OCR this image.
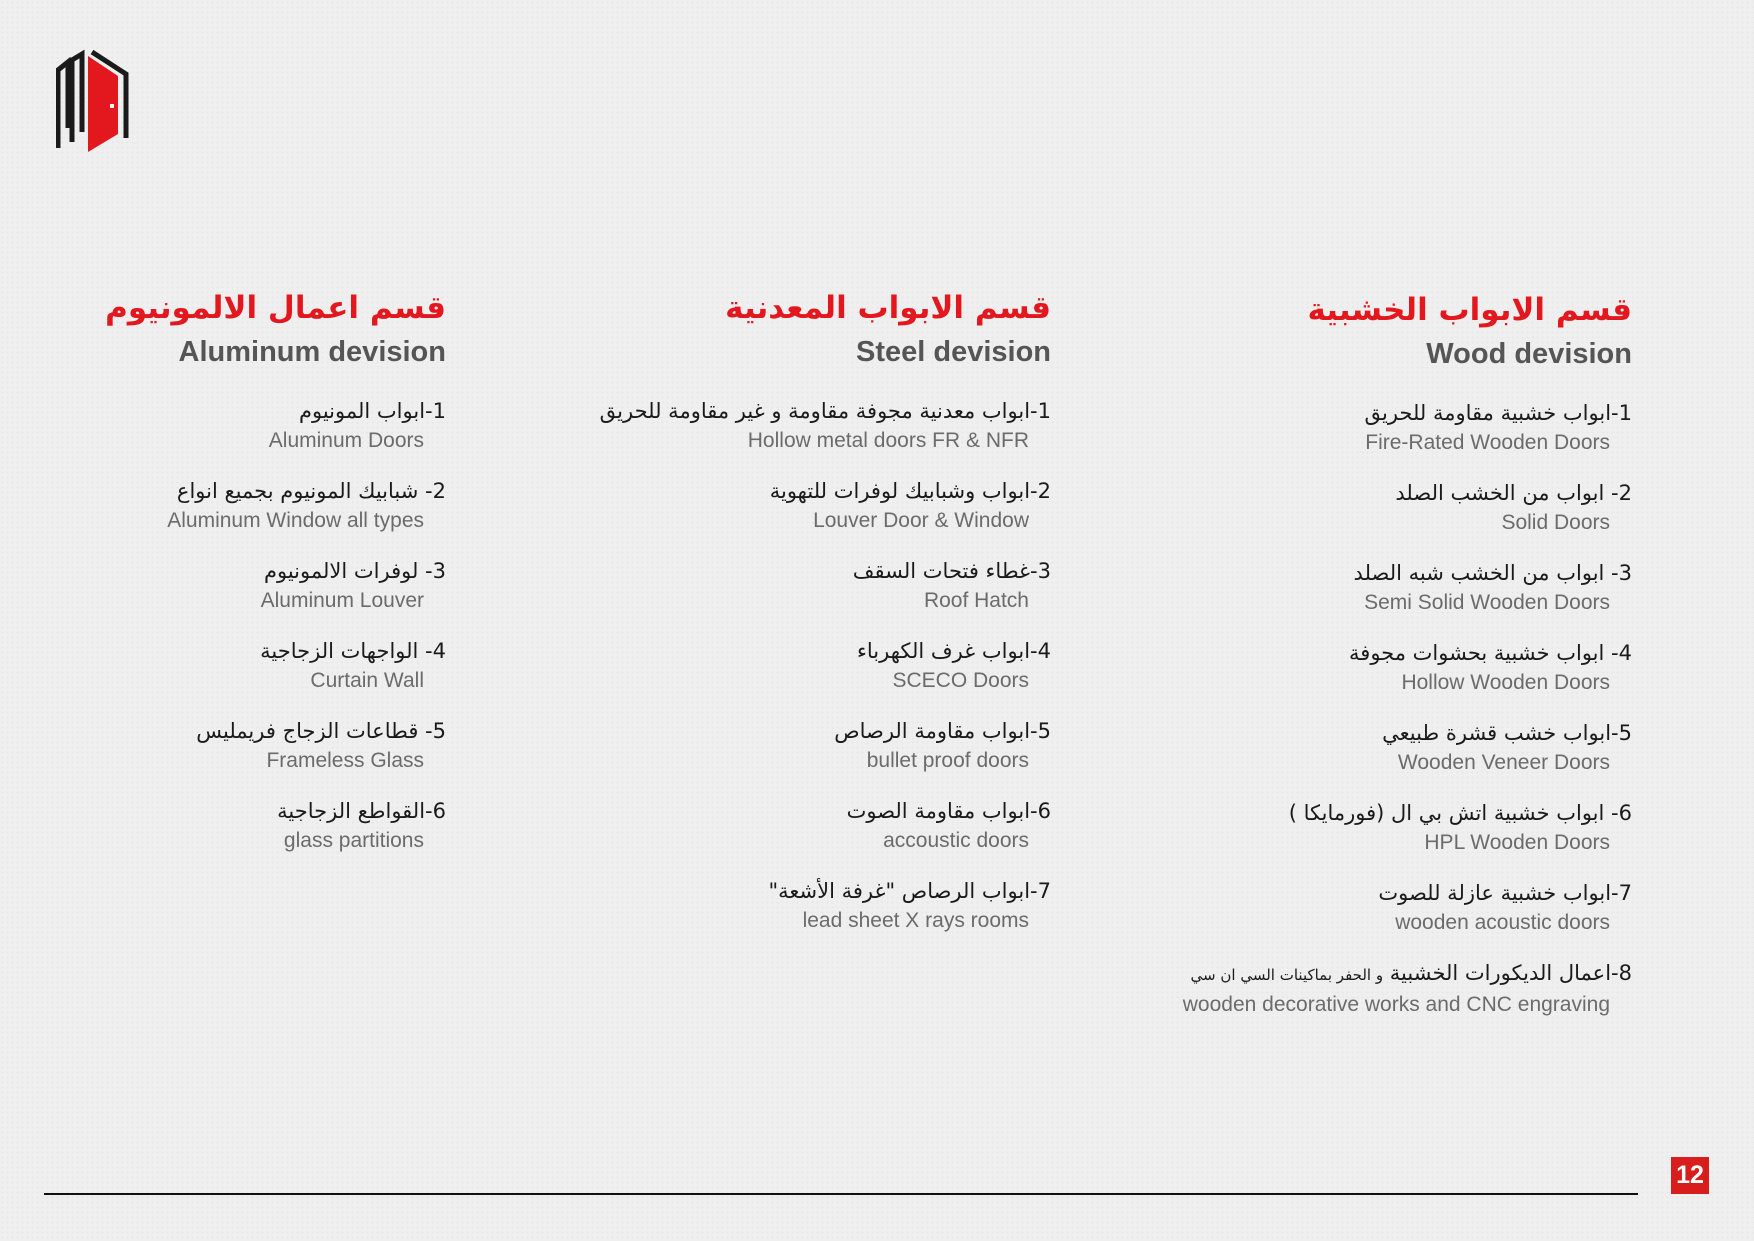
قسم اعمال الالمونيوم
Aluminum devision
1-ابواب المونيوم
Aluminum Doors
2- شبابيك المونيوم بجميع انواع
Aluminum Window all types
3- لوفرات الالمونيوم
Aluminum Louver
4- الواجهات الزجاجية
Curtain Wall
5- قطاعات الزجاج فريمليس
Frameless Glass
6-القواطع الزجاجية
glass partitions
قسم الابواب المعدنية
Steel devision
1-ابواب معدنية مجوفة مقاومة و غير مقاومة للحريق
Hollow metal doors FR & NFR
2-ابواب وشبابيك لوفرات للتهوية
Louver Door & Window
3-غطاء فتحات السقف
Roof Hatch
4-ابواب غرف الكهرباء
SCECO Doors
5-ابواب مقاومة الرصاص
bullet proof doors
6-ابواب مقاومة الصوت
accoustic doors
7-ابواب الرصاص "غرفة الأشعة"
lead sheet X rays rooms
قسم الابواب الخشبية
Wood devision
1-ابواب خشبية مقاومة للحريق
Fire-Rated Wooden Doors
2- ابواب من الخشب الصلد
Solid Doors
3- ابواب من الخشب شبه الصلد
Semi Solid Wooden Doors
4- ابواب خشبية بحشوات مجوفة
Hollow Wooden Doors
5-ابواب خشب قشرة طبيعي
Wooden Veneer Doors
6- ابواب خشبية اتش بي ال (فورمايكا )
HPL Wooden Doors
7-ابواب خشبية عازلة للصوت
wooden acoustic doors
8-اعمال الديكورات الخشبية و الحفر بماكينات السي ان سي
wooden decorative works and CNC engraving
12
